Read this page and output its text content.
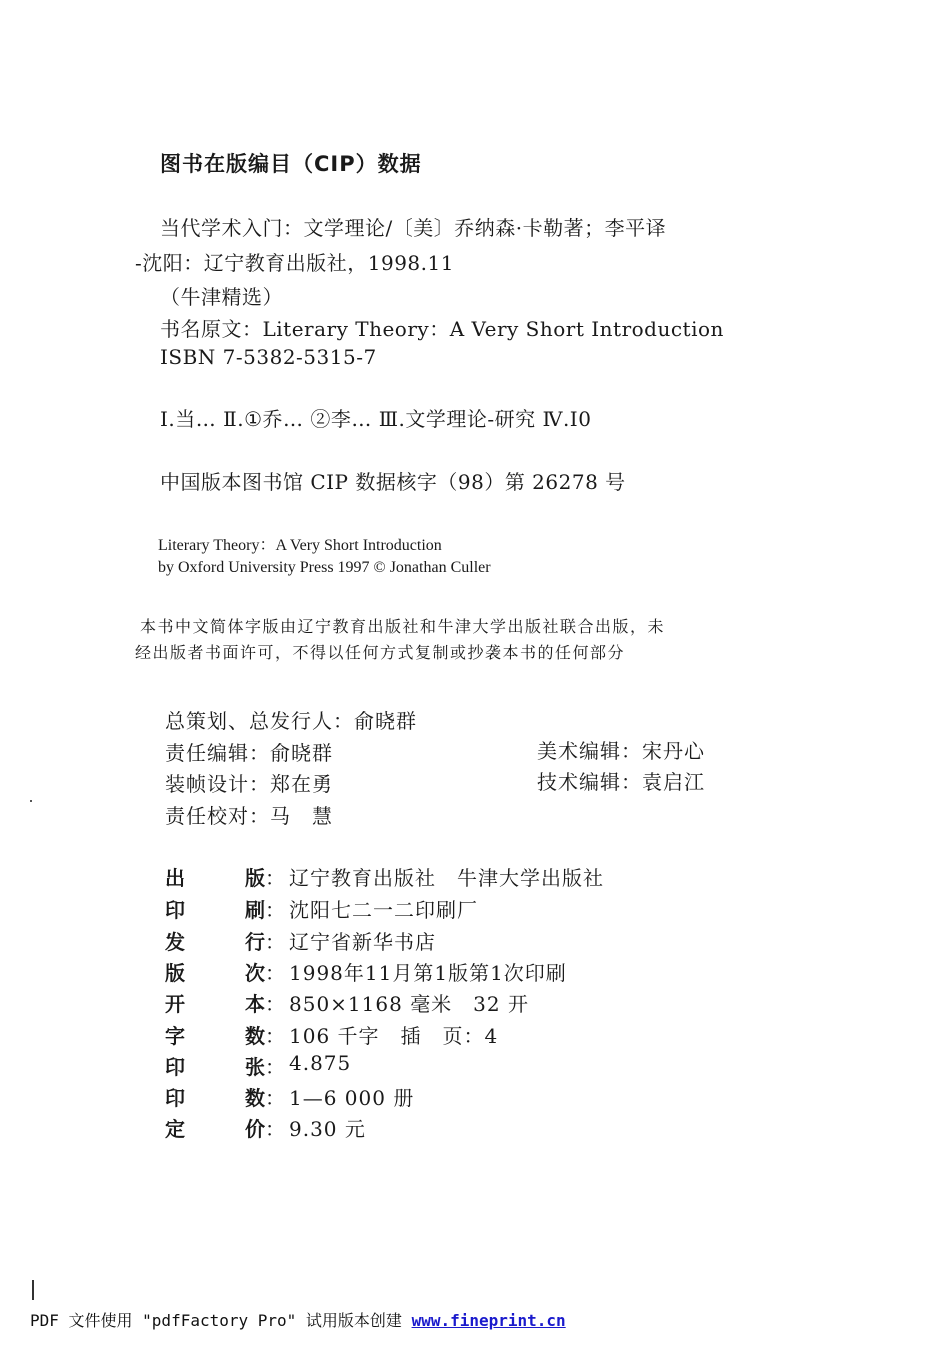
图书在版编目（CIP）数据
当代学术入门：文学理论/〔美〕乔纳森·卡勒著；李平译
-沈阳：辽宁教育出版社，1998.11
（牛津精选）
书名原文：Literary Theory：A Very Short Introduction
ISBN 7-5382-5315-7
Ⅰ.当… Ⅱ.①乔… ②李… Ⅲ.文学理论-研究 Ⅳ.I0
中国版本图书馆 CIP 数据核字（98）第 26278 号
Literary Theory：A Very Short Introduction
by Oxford University Press 1997 © Jonathan Culler
本书中文简体字版由辽宁教育出版社和牛津大学出版社联合出版，未
经出版者书面许可，不得以任何方式复制或抄袭本书的任何部分
总策划、总发行人：俞晓群
责任编辑：俞晓群	美术编辑：宋丹心
装帧设计：郑在勇	技术编辑：袁启江
责任校对：马　慧
出	版 ： 辽宁教育出版社　牛津大学出版社
印	刷 ： 沈阳七二一二印刷厂
发	行 ： 辽宁省新华书店
版	次 ： 1998年11月第1版第1次印刷
开	本 ： 850×1168 毫米　32 开
字	数 ： 106 千字　插　页：4
印	张 ： 4.875
印	数 ： 1—6 000 册
定	价 ： 9.30 元
PDF 文件使用 "pdfFactory Pro" 试用版本创建 www.fineprint.cn
